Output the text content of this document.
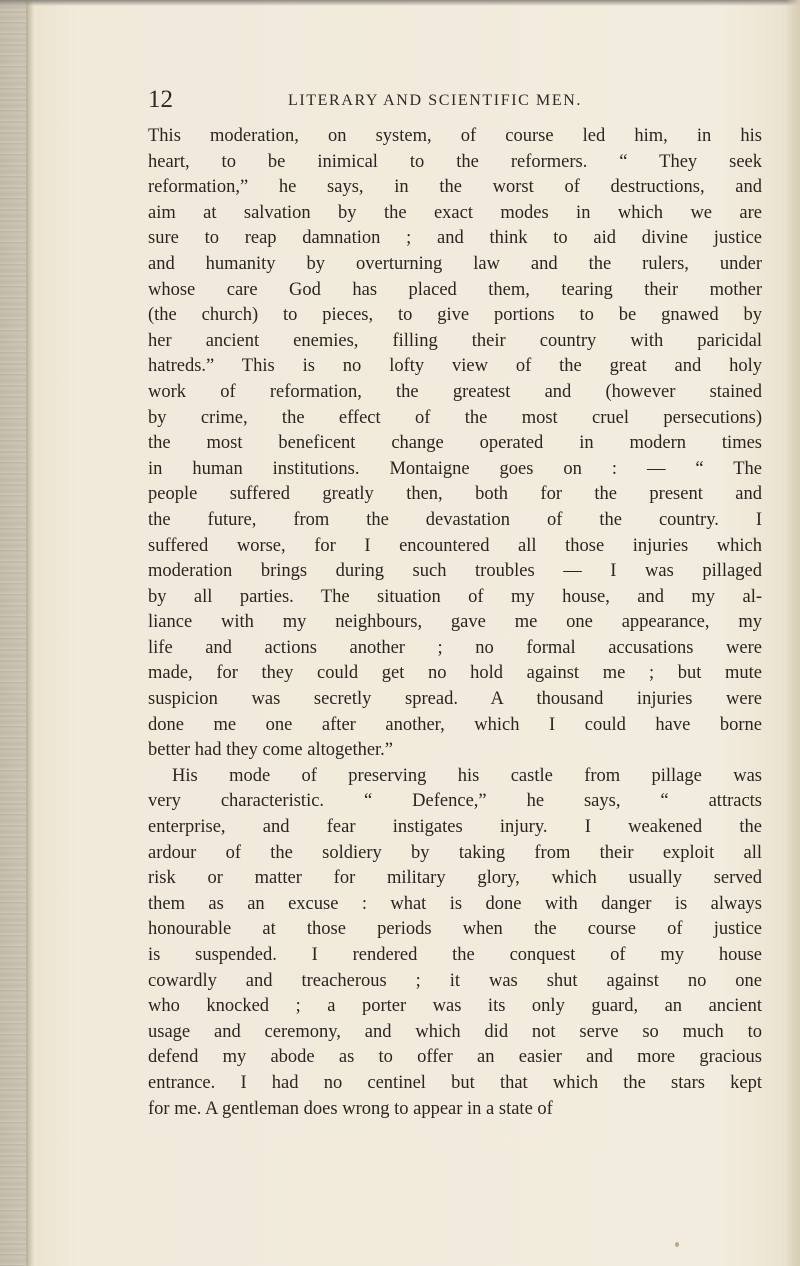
12	LITERARY AND SCIENTIFIC MEN.
This moderation, on system, of course led him, in his
heart, to be inimical to the reformers. “ They seek
reformation,” he says, in the worst of destructions, and
aim at salvation by the exact modes in which we are
sure to reap damnation ; and think to aid divine justice
and humanity by overturning law and the rulers, under
whose care God has placed them, tearing their mother
(the church) to pieces, to give portions to be gnawed by
her ancient enemies, filling their country with paricidal
hatreds.” This is no lofty view of the great and holy
work of reformation, the greatest and (however stained
by crime, the effect of the most cruel persecutions)
the most beneficent change operated in modern times
in human institutions. Montaigne goes on : — “ The
people suffered greatly then, both for the present and
the future, from the devastation of the country. I
suffered worse, for I encountered all those injuries which
moderation brings during such troubles — I was pillaged
by all parties. The situation of my house, and my al-
liance with my neighbours, gave me one appearance, my
life and actions another ; no formal accusations were
made, for they could get no hold against me ; but mute
suspicion was secretly spread. A thousand injuries were
done me one after another, which I could have borne
better had they come altogether.”
His mode of preserving his castle from pillage was
very characteristic. “ Defence,” he says, “ attracts
enterprise, and fear instigates injury. I weakened the
ardour of the soldiery by taking from their exploit all
risk or matter for military glory, which usually served
them as an excuse : what is done with danger is always
honourable at those periods when the course of justice
is suspended. I rendered the conquest of my house
cowardly and treacherous ; it was shut against no one
who knocked ; a porter was its only guard, an ancient
usage and ceremony, and which did not serve so much to
defend my abode as to offer an easier and more gracious
entrance. I had no centinel but that which the stars kept
for me. A gentleman does wrong to appear in a state of
